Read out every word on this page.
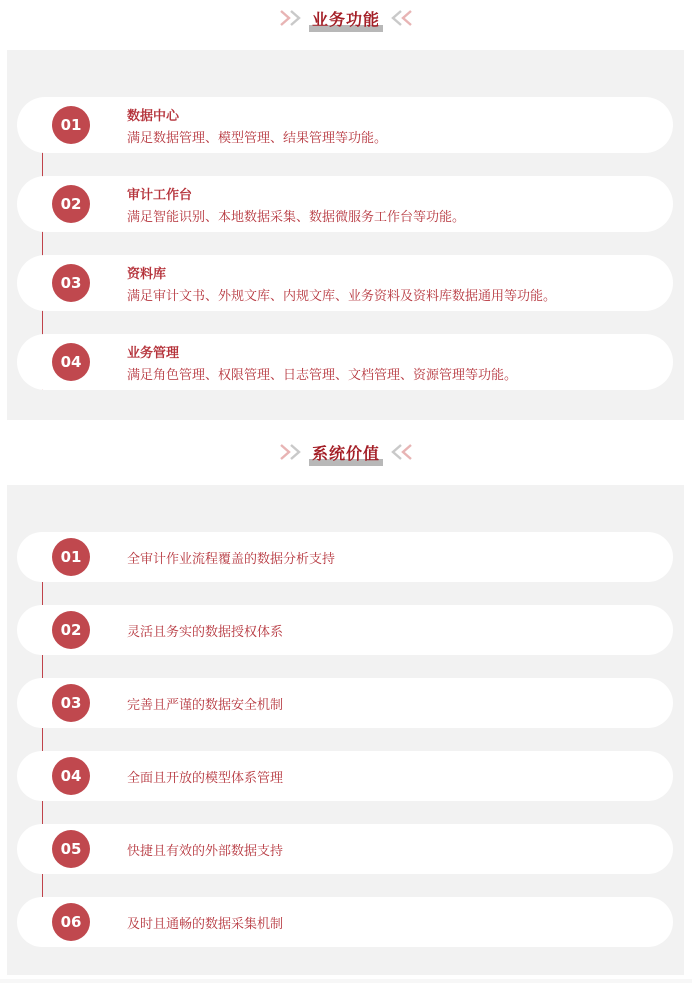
业务功能
01	数据中心
满足数据管理、模型管理、结果管理等功能。
02	审计工作台
满足智能识别、本地数据采集、数据微服务工作台等功能。
03	资料库
满足审计文书、外规文库、内规文库、业务资料及资料库数据通用等功能。
04	业务管理
满足角色管理、权限管理、日志管理、文档管理、资源管理等功能。
系统价值
01	全审计作业流程覆盖的数据分析支持
02	灵活且务实的数据授权体系
03	完善且严谨的数据安全机制
04	全面且开放的模型体系管理
05	快捷且有效的外部数据支持
06	及时且通畅的数据采集机制
